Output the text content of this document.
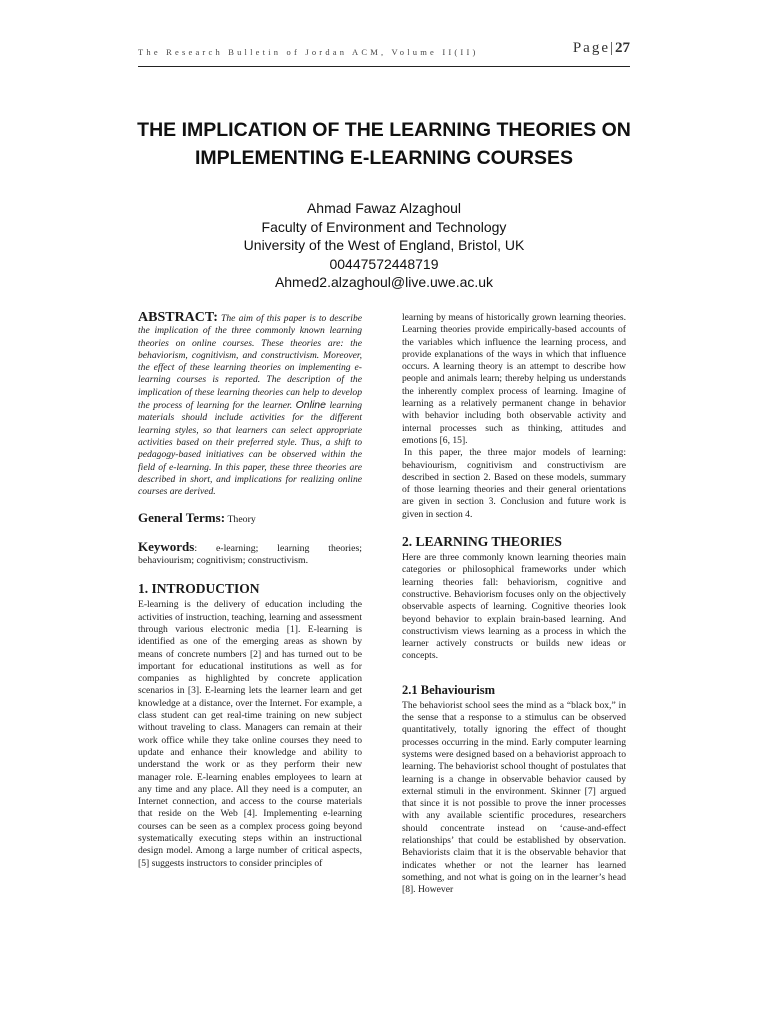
The Research Bulletin of Jordan ACM, Volume II(II)	Page|27
THE IMPLICATION OF THE LEARNING THEORIES ON IMPLEMENTING E-LEARNING COURSES
Ahmad Fawaz Alzaghoul
Faculty of Environment and Technology
University of the West of England, Bristol, UK
00447572448719
Ahmed2.alzaghoul@live.uwe.ac.uk

ABSTRACT: The aim of this paper is to describe the implication of the three commonly known learning theories on online courses. These theories are: the behaviorism, cognitivism, and constructivism. Moreover, the effect of these learning theories on implementing e-learning courses is reported. The description of the implication of these learning theories can help to develop the process of learning for the learner. Online learning materials should include activities for the different learning styles, so that learners can select appropriate activities based on their preferred style. Thus, a shift to pedagogy-based initiatives can be observed within the field of e-learning. In this paper, these three theories are described in short, and implications for realizing online courses are derived.

General Terms: Theory

Keywords: e-learning; learning theories; behaviourism; cognitivism; constructivism.

1. INTRODUCTION

E-learning is the delivery of education including the activities of instruction, teaching, learning and assessment through various electronic media [1]. E-learning is identified as one of the emerging areas as shown by means of concrete numbers [2] and has turned out to be important for educational institutions as well as for companies as highlighted by concrete application scenarios in [3]. E-learning lets the learner learn and get knowledge at a distance, over the Internet. For example, a class student can get real-time training on new subject without traveling to class. Managers can remain at their work office while they take online courses they need to update and enhance their knowledge and ability to understand the work or as they perform their new manager role. E-learning enables employees to learn at any time and any place. All they need is a computer, an Internet connection, and access to the course materials that reside on the Web [4]. Implementing e-learning courses can be seen as a complex process going beyond systematically executing steps within an instructional design model. Among a large number of critical aspects, [5] suggests instructors to consider principles of

learning by means of historically grown learning theories. Learning theories provide empirically-based accounts of the variables which influence the learning process, and provide explanations of the ways in which that influence occurs. A learning theory is an attempt to describe how people and animals learn; thereby helping us understands the inherently complex process of learning. Imagine of learning as a relatively permanent change in behavior with behavior including both observable activity and internal processes such as thinking, attitudes and emotions [6, 15].

In this paper, the three major models of learning: behaviourism, cognitivism and constructivism are described in section 2. Based on these models, summary of those learning theories and their general orientations are given in section 3. Conclusion and future work is given in section 4.

2. LEARNING THEORIES

Here are three commonly known learning theories main categories or philosophical frameworks under which learning theories fall: behaviorism, cognitive and constructive. Behaviorism focuses only on the objectively observable aspects of learning. Cognitive theories look beyond behavior to explain brain-based learning. And constructivism views learning as a process in which the learner actively constructs or builds new ideas or concepts.

2.1 Behaviourism

The behaviorist school sees the mind as a “black box,” in the sense that a response to a stimulus can be observed quantitatively, totally ignoring the effect of thought processes occurring in the mind. Early computer learning systems were designed based on a behaviorist approach to learning. The behaviorist school thought of postulates that learning is a change in observable behavior caused by external stimuli in the environment. Skinner [7] argued that since it is not possible to prove the inner processes with any available scientific procedures, researchers should concentrate instead on ‘cause-and-effect relationships’ that could be established by observation. Behaviorists claim that it is the observable behavior that indicates whether or not the learner has learned something, and not what is going on in the learner’s head [8]. However
